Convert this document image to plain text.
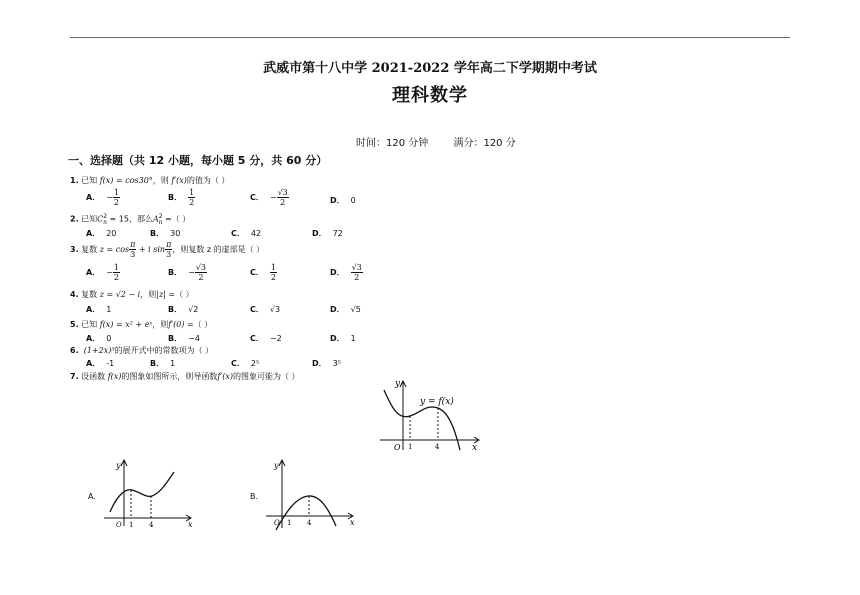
武威市第十八中学 2021-2022 学年高二下学期期中考试
理科数学
时间：120 分钟	满分：120 分
一、选择题（共 12 小题，每小题 5 分，共 60 分）
1. 已知 f(x) = cos30°，则 f′(x)的值为（ ）
A． − $\frac{1}{2}$	B． $\frac{1}{2}$	C． − $\frac{√3}{2}$	D． 0
2. 已知$C^2_n = 15$，那么$A^2_n$ =（ ）
A． 20	B． 30	C． 42	D． 72
3. 复数 $z = \cos \frac{\pi}{3} + i$ $\sin \frac{\pi}{3}$ ，则复数 z 的虚部是（ ）
A． − $\frac{1}{2}$	B． − $\frac{√3}{2}$	C． $\frac{1}{2}$	D． $\frac{√3}{2}$
4. 复数 z = √2 − i，则|z| =（ ）
A． 1	B． √2	C． √3	D． √5
5. 已知 f(x) = x² + eˣ，则f′(0) =（ ）
A． 0	B． −4	C． −2	D． 1
6. (1+2x)⁵的展开式中的常数项为（ ）
A． -1	B． 1	C． 2⁵	D． 3⁵
7. 设函数 f(x)的图象如图所示，则导函数f′(x)的图象可能为（ ）
y
x
O 1	4
y = f(x)
A.
y
x
O 1 4
B.
y
x
O 1 4
